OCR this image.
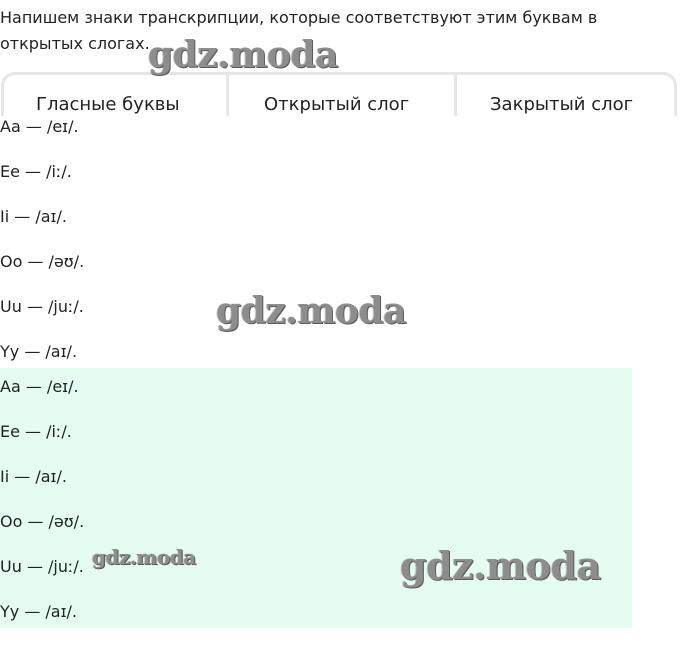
Напишем знаки транскрипции, которые соответствуют этим буквам в
открытых слогах.
Гласные буквы	Открытый слог	Закрытый слог
Aa — /eɪ/.
Ee — /iː/.
Ii — /aɪ/.
Oo — /əʊ/.
Uu — /juː/.
Yy — /aɪ/.
Aa — /eɪ/.
Ee — /iː/.
Ii — /aɪ/.
Oo — /əʊ/.
Uu — /juː/.
Yy — /aɪ/.
gdz.moda
gdz.moda
gdz.moda	gdz.moda
